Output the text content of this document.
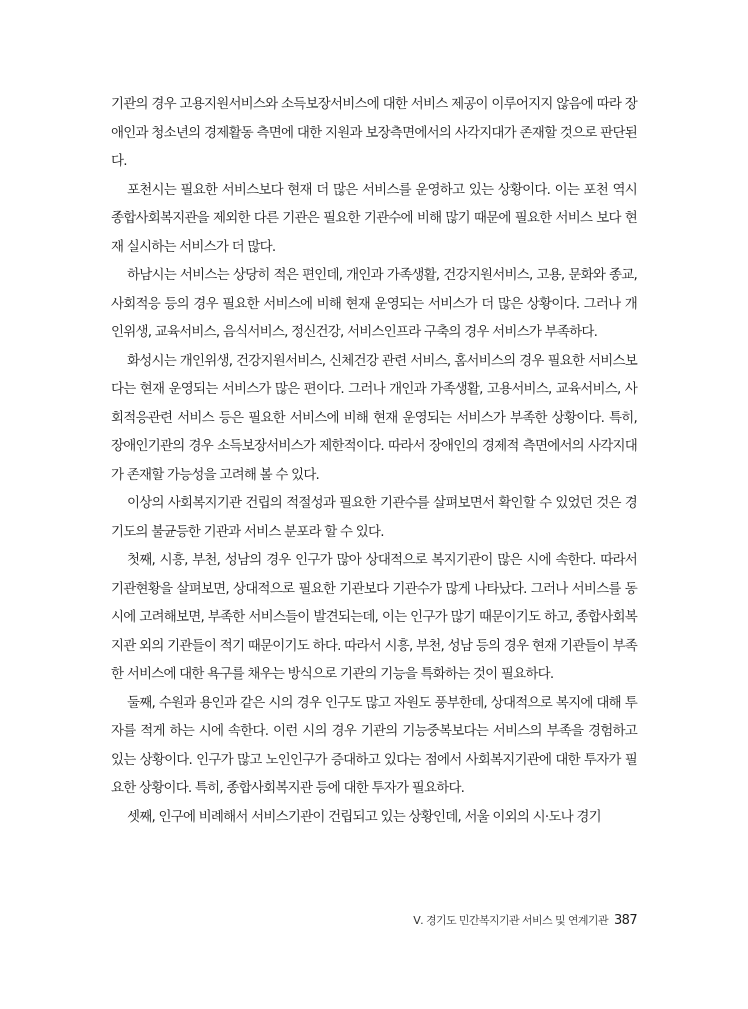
기관의 경우 고용지원서비스와 소득보장서비스에 대한 서비스 제공이 이루어지지 않음에 따라 장애인과 청소년의 경제활동 측면에 대한 지원과 보장측면에서의 사각지대가 존재할 것으로 판단된다.

포천시는 필요한 서비스보다 현재 더 많은 서비스를 운영하고 있는 상황이다. 이는 포천 역시 종합사회복지관을 제외한 다른 기관은 필요한 기관수에 비해 많기 때문에 필요한 서비스 보다 현재 실시하는 서비스가 더 많다.

하남시는 서비스는 상당히 적은 편인데, 개인과 가족생활, 건강지원서비스, 고용, 문화와 종교, 사회적응 등의 경우 필요한 서비스에 비해 현재 운영되는 서비스가 더 많은 상황이다. 그러나 개인위생, 교육서비스, 음식서비스, 정신건강, 서비스인프라 구축의 경우 서비스가 부족하다.

화성시는 개인위생, 건강지원서비스, 신체건강 관련 서비스, 홈서비스의 경우 필요한 서비스보다는 현재 운영되는 서비스가 많은 편이다. 그러나 개인과 가족생활, 고용서비스, 교육서비스, 사회적응관련 서비스 등은 필요한 서비스에 비해 현재 운영되는 서비스가 부족한 상황이다. 특히, 장애인기관의 경우 소득보장서비스가 제한적이다. 따라서 장애인의 경제적 측면에서의 사각지대가 존재할 가능성을 고려해 볼 수 있다.

이상의 사회복지기관 건립의 적절성과 필요한 기관수를 살펴보면서 확인할 수 있었던 것은 경기도의 불균등한 기관과 서비스 분포라 할 수 있다.

첫째, 시흥, 부천, 성남의 경우 인구가 많아 상대적으로 복지기관이 많은 시에 속한다. 따라서 기관현황을 살펴보면, 상대적으로 필요한 기관보다 기관수가 많게 나타났다. 그러나 서비스를 동시에 고려해보면, 부족한 서비스들이 발견되는데, 이는 인구가 많기 때문이기도 하고, 종합사회복지관 외의 기관들이 적기 때문이기도 하다. 따라서 시흥, 부천, 성남 등의 경우 현재 기관들이 부족한 서비스에 대한 욕구를 채우는 방식으로 기관의 기능을 특화하는 것이 필요하다.

둘째, 수원과 용인과 같은 시의 경우 인구도 많고 자원도 풍부한데, 상대적으로 복지에 대해 투자를 적게 하는 시에 속한다. 이런 시의 경우 기관의 기능중복보다는 서비스의 부족을 경험하고 있는 상황이다. 인구가 많고 노인인구가 증대하고 있다는 점에서 사회복지기관에 대한 투자가 필요한 상황이다. 특히, 종합사회복지관 등에 대한 투자가 필요하다.

셋째, 인구에 비례해서 서비스기관이 건립되고 있는 상황인데, 서울 이외의 시·도나 경기

Ⅴ. 경기도 민간복지기관 서비스 및 연계기관 387
